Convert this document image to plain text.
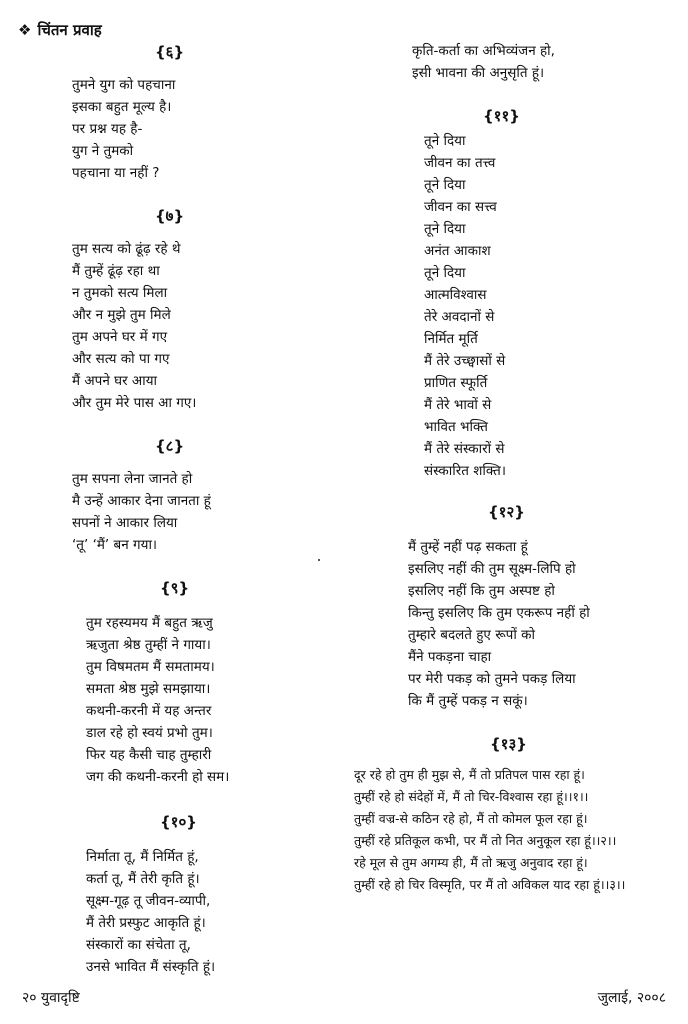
❖ चिंतन प्रवाह
{६}
तुमने युग को पहचाना
इसका बहुत मूल्य है।
पर प्रश्न यह है-
युग ने तुमको
पहचाना या नहीं ?
{७}
तुम सत्य को ढूंढ़ रहे थे
मैं तुम्हें ढूंढ़ रहा था
न तुमको सत्य मिला
और न मुझे तुम मिले
तुम अपने घर में गए
और सत्य को पा गए
मैं अपने घर आया
और तुम मेरे पास आ गए।
{८}
तुम सपना लेना जानते हो
मै उन्हें आकार देना जानता हूं
सपनों ने आकार लिया
‘तू’ ‘मैं’ बन गया।
{९}
तुम रहस्यमय मैं बहुत ऋजु
ऋजुता श्रेष्ठ तुम्हीं ने गाया।
तुम विषमतम मैं समतामय।
समता श्रेष्ठ मुझे समझाया।
कथनी-करनी में यह अन्तर
डाल रहे हो स्वयं प्रभो तुम।
फिर यह कैसी चाह तुम्हारी
जग की कथनी-करनी हो सम।
{१०}
निर्माता तू, मैं निर्मित हूं,
कर्ता तू, मैं तेरी कृति हूं।
सूक्ष्म-गूढ़ तू जीवन-व्यापी,
मैं तेरी प्रस्फुट आकृति हूं।
संस्कारों का संचेता तू,
उनसे भावित मैं संस्कृति हूं।
कृति-कर्ता का अभिव्यंजन हो,
इसी भावना की अनुसृति हूं।
{११}
तूने दिया
जीवन का तत्त्व
तूने दिया
जीवन का सत्त्व
तूने दिया
अनंत आकाश
तूने दिया
आत्मविश्वास
तेरे अवदानों से
निर्मित मूर्ति
मैं तेरे उच्छ्वासों से
प्राणित स्फूर्ति
मैं तेरे भावों से
भावित भक्ति
मैं तेरे संस्कारों से
संस्कारित शक्ति।
{१२}
मैं तुम्हें नहीं पढ़ सकता हूं
इसलिए नहीं की तुम सूक्ष्म-लिपि हो
इसलिए नहीं कि तुम अस्पष्ट हो
किन्तु इसलिए कि तुम एकरूप नहीं हो
तुम्हारे बदलते हुए रूपों को
मैंने पकड़ना चाहा
पर मेरी पकड़ को तुमने पकड़ लिया
कि मैं तुम्हें पकड़ न सकूं।
{१३}
दूर रहे हो तुम ही मुझ से, मैं तो प्रतिपल पास रहा हूं।
तुम्हीं रहे हो संदेहों में, मैं तो चिर-विश्वास रहा हूं।।१।।
तुम्हीं वज्र-से कठिन रहे हो, मैं तो कोमल फूल रहा हूं।
तुम्हीं रहे प्रतिकूल कभी, पर मैं तो नित अनुकूल रहा हूं।।२।।
रहे मूल से तुम अगम्य ही, मैं तो ऋजु अनुवाद रहा हूं।
तुम्हीं रहे हो चिर विस्मृति, पर मैं तो अविकल याद रहा हूं।।३।।
२० युवादृष्टि	जुलाई, २००८
